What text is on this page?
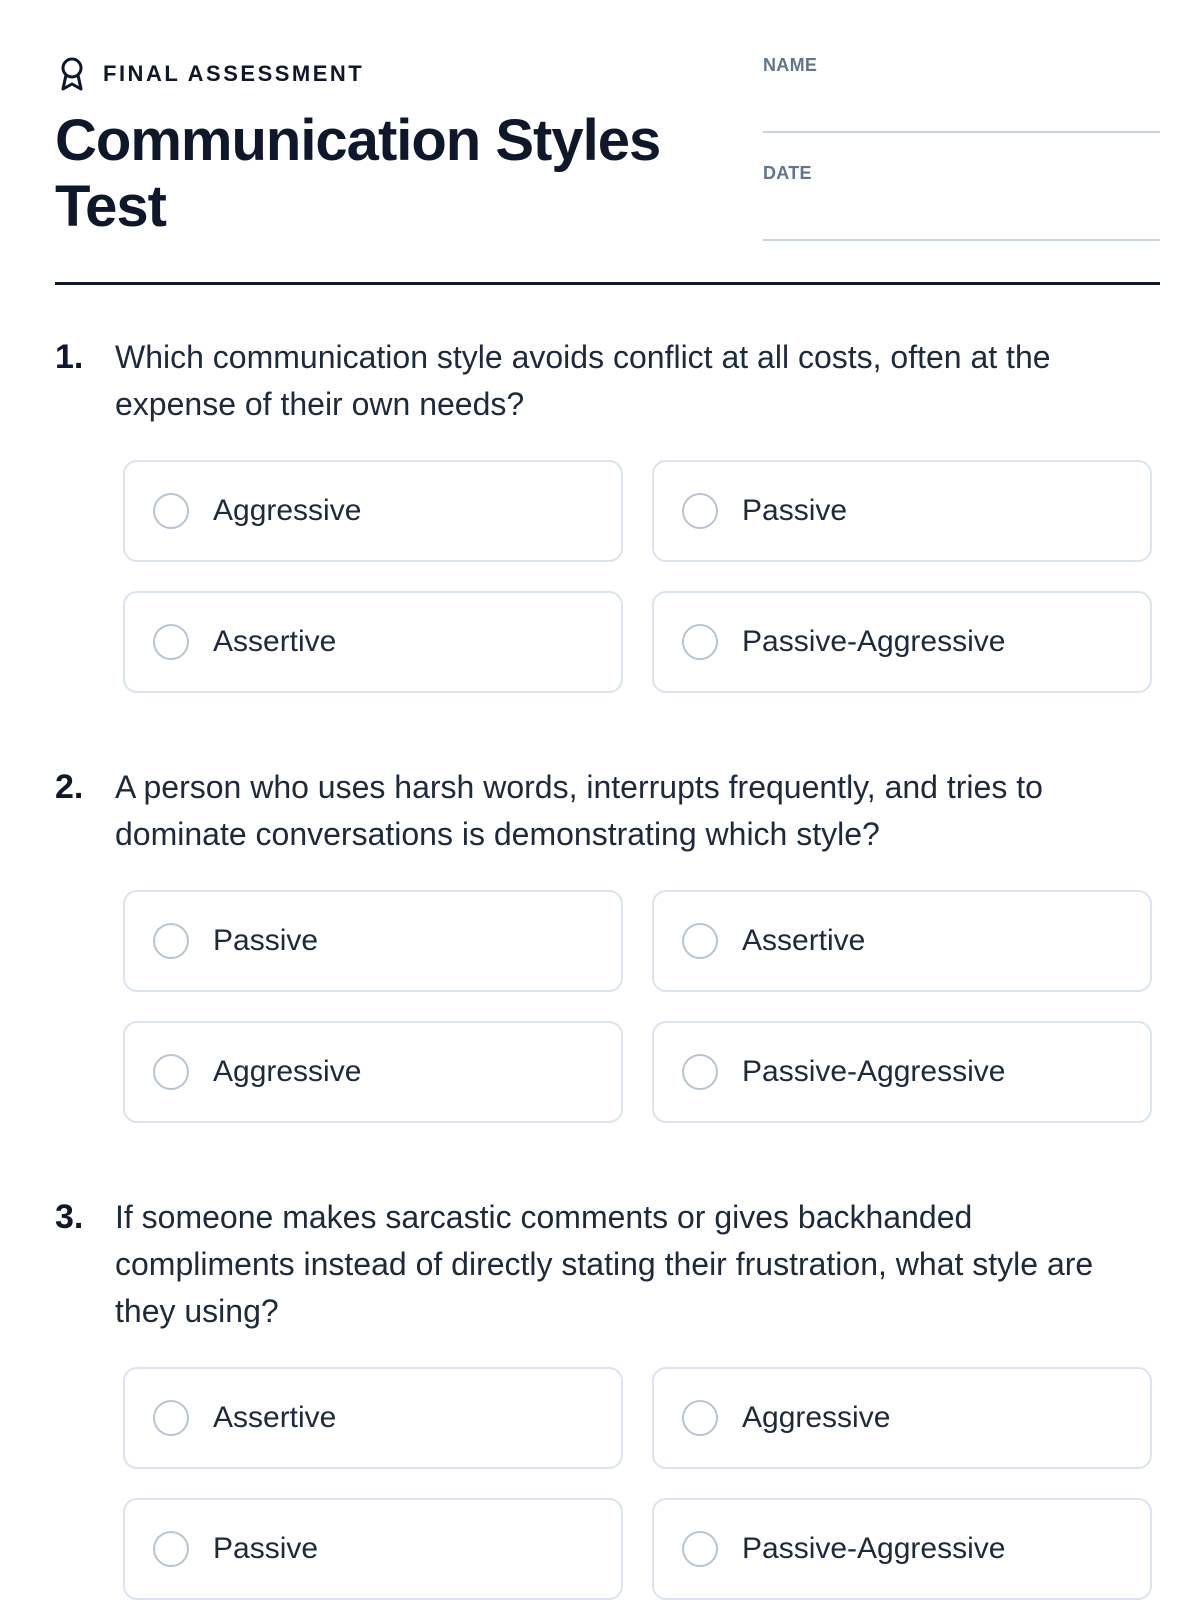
FINAL ASSESSMENT
Communication Styles Test
NAME
DATE
1. Which communication style avoids conflict at all costs, often at the expense of their own needs?
Aggressive	Passive
Assertive	Passive-Aggressive
2. A person who uses harsh words, interrupts frequently, and tries to dominate conversations is demonstrating which style?
Passive	Assertive
Aggressive	Passive-Aggressive
3. If someone makes sarcastic comments or gives backhanded compliments instead of directly stating their frustration, what style are they using?
Assertive	Aggressive
Passive	Passive-Aggressive
